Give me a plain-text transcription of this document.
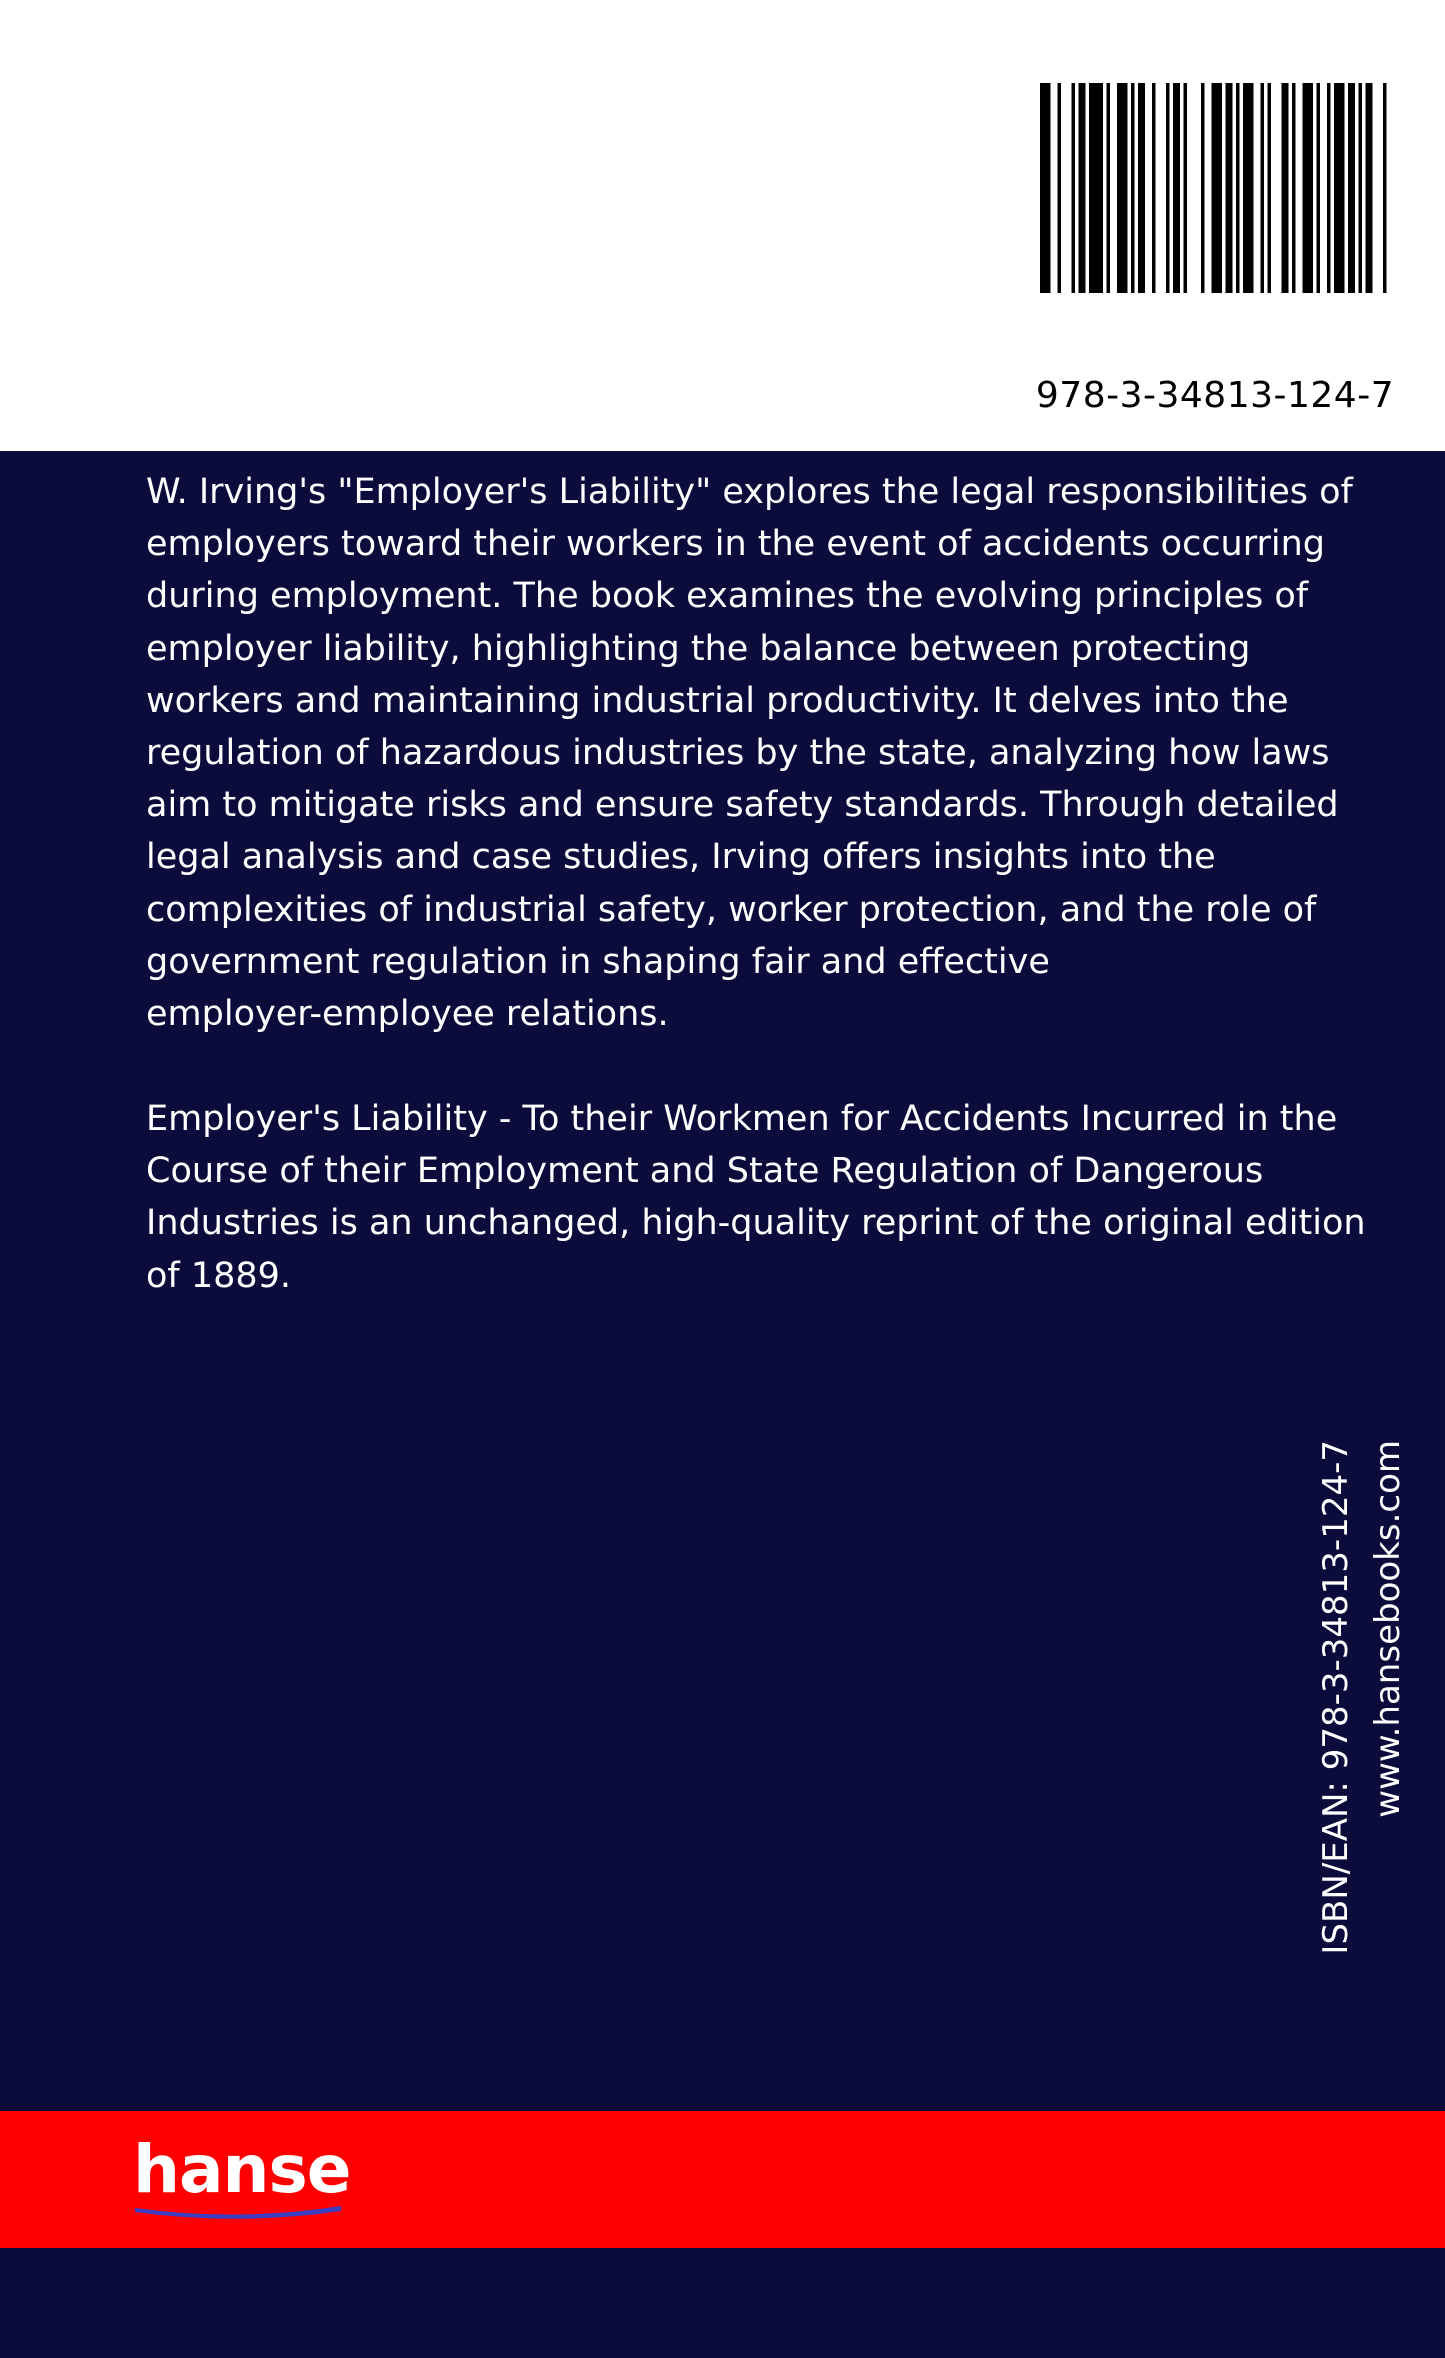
978-3-34813-124-7

W. Irving's "Employer's Liability" explores the legal responsibilities of
employers toward their workers in the event of accidents occurring
during employment. The book examines the evolving principles of
employer liability, highlighting the balance between protecting
workers and maintaining industrial productivity. It delves into the
regulation of hazardous industries by the state, analyzing how laws
aim to mitigate risks and ensure safety standards. Through detailed
legal analysis and case studies, Irving offers insights into the
complexities of industrial safety, worker protection, and the role of
government regulation in shaping fair and effective
employer-employee relations.

Employer's Liability - To their Workmen for Accidents Incurred in the
Course of their Employment and State Regulation of Dangerous
Industries is an unchanged, high-quality reprint of the original edition
of 1889.

ISBN/EAN: 978-3-34813-124-7 www.hansebooks.com
hanse
